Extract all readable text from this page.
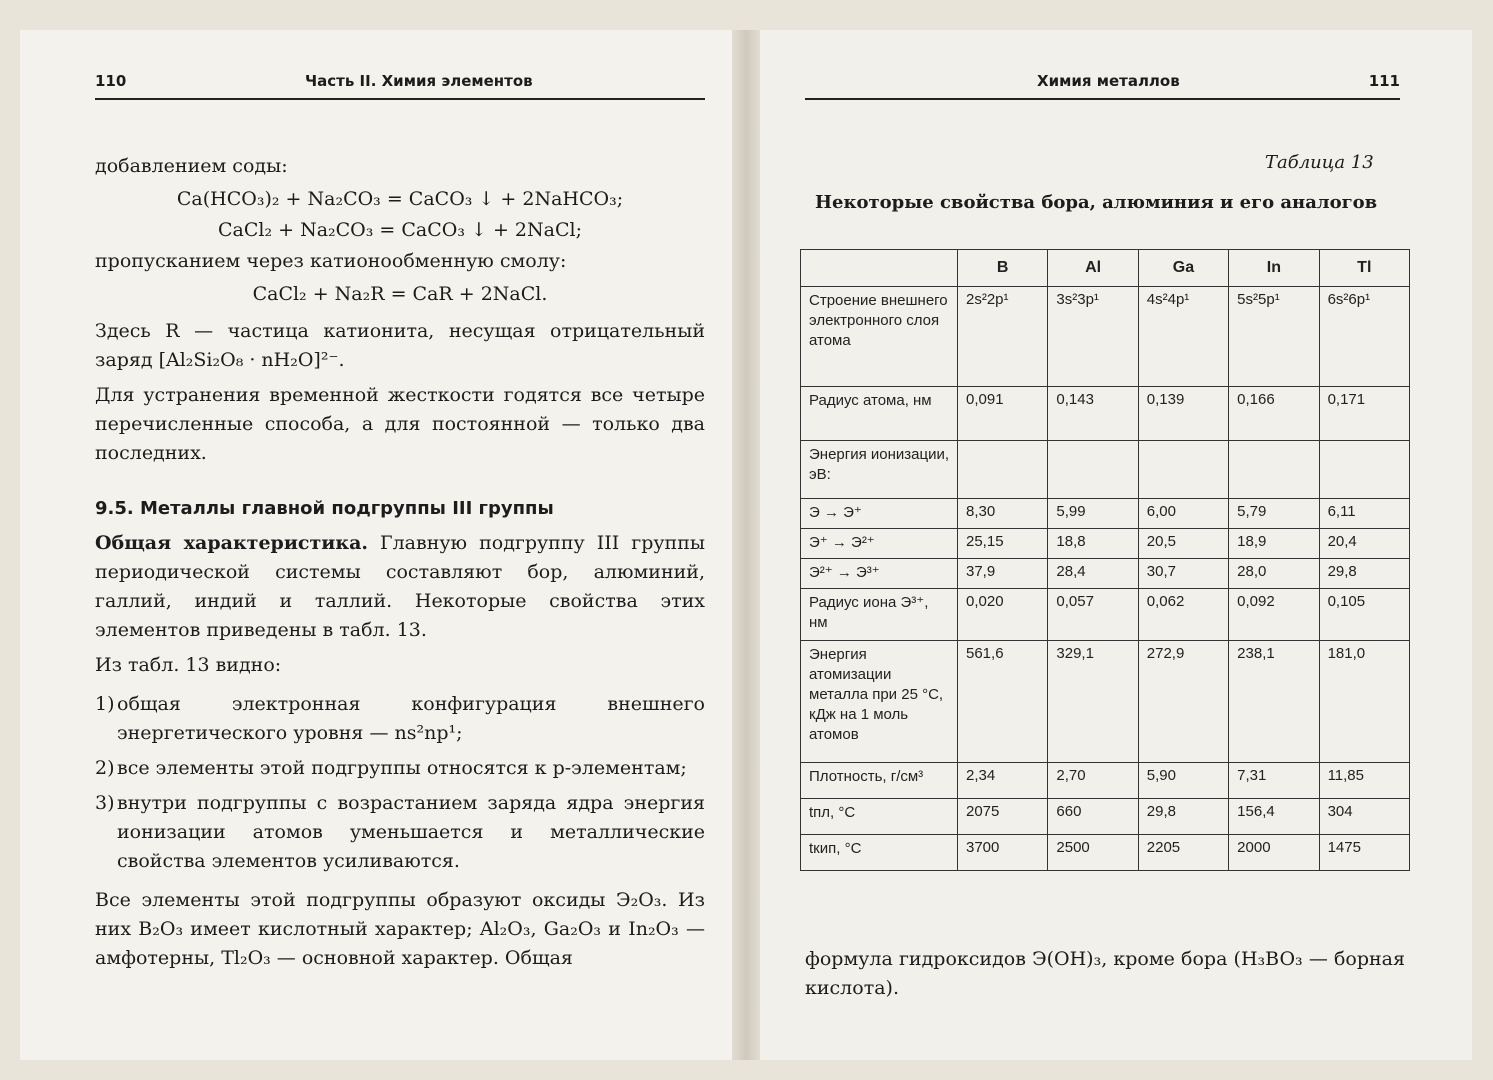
110	Часть II. Химия элементов	Химия металлов	111

добавлением соды:

Ca(HCO₃)₂ + Na₂CO₃ = CaCO₃ ↓ + 2NaHCO₃;

CaCl₂ + Na₂CO₃ = CaCO₃ ↓ + 2NaCl;

пропусканием через катионообменную смолу:

CaCl₂ + Na₂R = CaR + 2NaCl.

Здесь R — частица катионита, несущая отрицательный заряд [Al₂Si₂O₈ · nH₂O]²⁻.

Для устранения временной жесткости годятся все четыре перечисленные способа, а для постоянной — только два последних.

9.5. Металлы главной подгруппы III группы

Общая характеристика. Главную подгруппу III группы периодической системы составляют бор, алюминий, галлий, индий и таллий. Некоторые свойства этих элементов приведены в табл. 13.

Из табл. 13 видно:

1) общая электронная конфигурация внешнего энергетического уровня — ns²np¹;
2) все элементы этой подгруппы относятся к p-элементам;
3) внутри подгруппы с возрастанием заряда ядра энергия ионизации атомов уменьшается и металлические свойства элементов усиливаются.

Все элементы этой подгруппы образуют оксиды Э₂O₃. Из них B₂O₃ имеет кислотный характер; Al₂O₃, Ga₂O₃ и In₂O₃ — амфотерны, Tl₂O₃ — основной характер. Общая

Таблица 13
Некоторые свойства бора, алюминия и его аналогов
	B	Al	Ga	In	Tl
Строение внешнего электронного слоя атома	2s²2p¹	3s²3p¹	4s²4p¹	5s²5p¹	6s²6p¹
Радиус атома, нм	0,091	0,143	0,139	0,166	0,171
Энергия ионизации, эВ:					
Э → Э⁺	8,30	5,99	6,00	5,79	6,11
Э⁺ → Э²⁺	25,15	18,8	20,5	18,9	20,4
Э²⁺ → Э³⁺	37,9	28,4	30,7	28,0	29,8
Радиус иона Э³⁺, нм	0,020	0,057	0,062	0,092	0,105
Энергия атомизации металла при 25 °С, кДж на 1 моль атомов	561,6	329,1	272,9	238,1	181,0
Плотность, г/см³	2,34	2,70	5,90	7,31	11,85
tпл, °С	2075	660	29,8	156,4	304
tкип, °С	3700	2500	2205	2000	1475
формула гидроксидов Э(OH)₃, кроме бора (H₃BO₃ — борная кислота).
